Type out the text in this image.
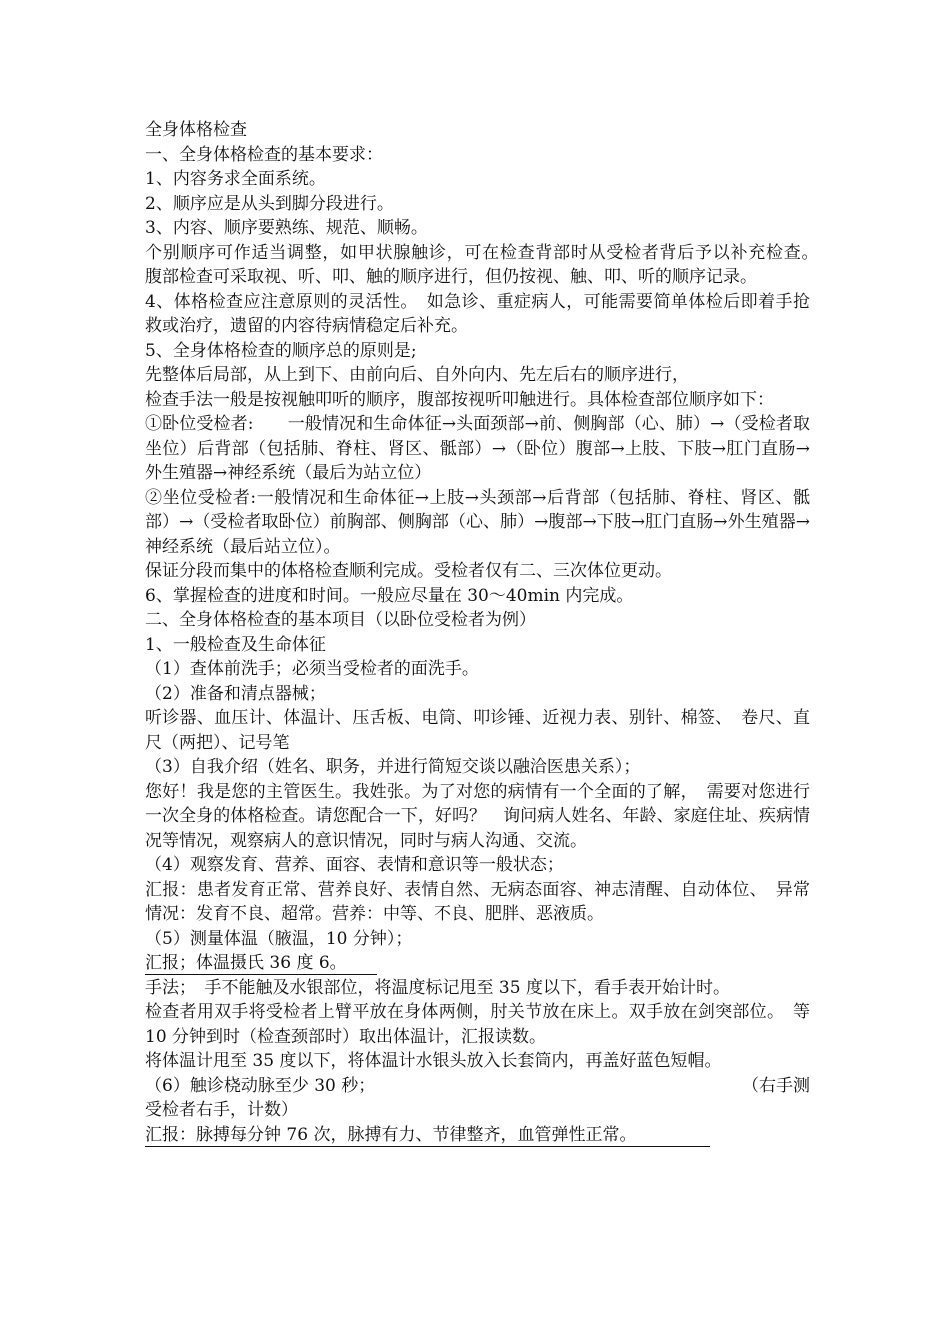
全身体格检查

一、全身体格检查的基本要求：

1、内容务求全面系统。

2、顺序应是从头到脚分段进行。

3、内容、顺序要熟练、规范、顺畅。

个别顺序可作适当调整，如甲状腺触诊，可在检查背部时从受检者背后予以补充检查。　腹部检查可采取视、听、叩、触的顺序进行，但仍按视、触、叩、听的顺序记录。

4、体格检查应注意原则的灵活性。　如急诊、重症病人，可能需要简单体检后即着手抢救或治疗，遗留的内容待病情稳定后补充。

5、全身体格检查的顺序总的原则是;

先整体后局部，从上到下、由前向后、自外向内、先左后右的顺序进行，

检查手法一般是按视触叩听的顺序，腹部按视听叩触进行。具体检查部位顺序如下：

①卧位受检者:　　一般情况和生命体征→头面颈部→前、侧胸部（心、肺）→（受检者取坐位）后背部（包括肺、脊柱、肾区、骶部）→（卧位）腹部→上肢、下肢→肛门直肠→外生殖器→神经系统（最后为站立位）

②坐位受检者:一般情况和生命体征→上肢→头颈部→后背部（包括肺、脊柱、肾区、骶部）→（受检者取卧位）前胸部、侧胸部（心、肺）→腹部→下肢→肛门直肠→外生殖器→神经系统（最后站立位）。

保证分段而集中的体格检查顺利完成。受检者仅有二、三次体位更动。

6、掌握检查的进度和时间。一般应尽量在 30～40min 内完成。

二、全身体格检查的基本项目（以卧位受检者为例）

1、一般检查及生命体征

（1）查体前洗手；必须当受检者的面洗手。

（2）准备和清点器械；

听诊器、血压计、体温计、压舌板、电筒、叩诊锤、近视力表、别针、棉签、　卷尺、直尺（两把）、记号笔

（3）自我介绍（姓名、职务，并进行简短交谈以融洽医患关系）；

您好！我是您的主管医生。我姓张。为了对您的病情有一个全面的了解，　需要对您进行一次全身的体格检查。请您配合一下，好吗？　询问病人姓名、年龄、家庭住址、疾病情况等情况，观察病人的意识情况，同时与病人沟通、交流。

（4）观察发育、营养、面容、表情和意识等一般状态；

汇报：患者发育正常、营养良好、表情自然、无病态面容、神志清醒、自动体位、　异常情况：发育不良、超常。营养：中等、不良、肥胖、恶液质。

（5）测量体温（腋温，10 分钟）；

汇报；体温摄氏 36 度 6。

手法；　手不能触及水银部位，将温度标记甩至 35 度以下，看手表开始计时。

检查者用双手将受检者上臂平放在身体两侧，肘关节放在床上。双手放在剑突部位。　等 10 分钟到时（检查颈部时）取出体温计，汇报读数。

将体温计甩至 35 度以下，将体温计水银头放入长套筒内，再盖好蓝色短帽。

（6）触诊桡动脉至少 30 秒；	（右手测

受检者右手，计数）

汇报：脉搏每分钟 76 次，脉搏有力、节律整齐，血管弹性正常。
